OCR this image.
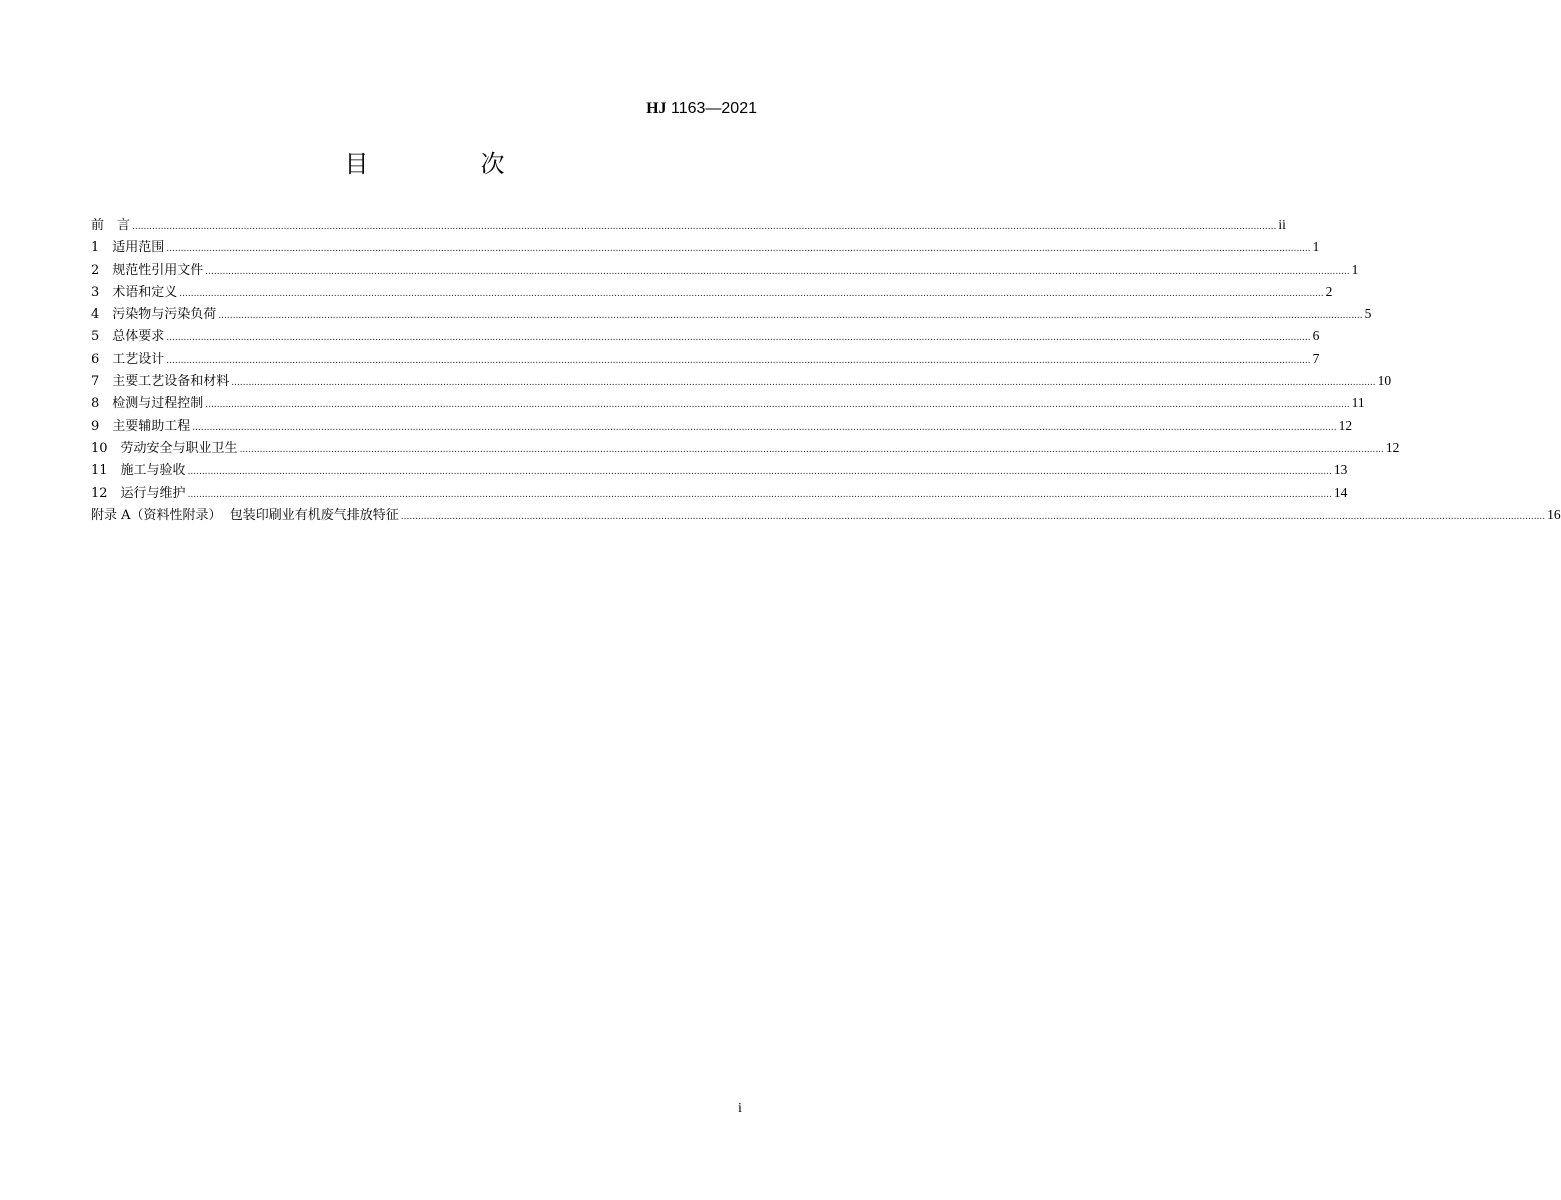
HJ 1163—2021
目　次
前　言 ................................................................................................................................................................................................................................................................................................................................................................................................................ ii
1　 适用范围 ................................................................................................................................................................................................................................................................................................................................................................................................................ 1
2　 规范性引用文件 ................................................................................................................................................................................................................................................................................................................................................................................................................ 1
3　 术语和定义 ................................................................................................................................................................................................................................................................................................................................................................................................................ 2
4　 污染物与污染负荷 ................................................................................................................................................................................................................................................................................................................................................................................................................ 5
5　 总体要求 ................................................................................................................................................................................................................................................................................................................................................................................................................ 6
6　 工艺设计 ................................................................................................................................................................................................................................................................................................................................................................................................................ 7
7　 主要工艺设备和材料 ................................................................................................................................................................................................................................................................................................................................................................................................................ 10
8　 检测与过程控制 ................................................................................................................................................................................................................................................................................................................................................................................................................ 11
9　 主要辅助工程 ................................................................................................................................................................................................................................................................................................................................................................................................................ 12
10　 劳动安全与职业卫生 ................................................................................................................................................................................................................................................................................................................................................................................................................ 12
11　 施工与验收 ................................................................................................................................................................................................................................................................................................................................................................................................................ 13
12　 运行与维护 ................................................................................................................................................................................................................................................................................................................................................................................................................ 14
附录 A（资料性附录）  包装印刷业有机废气排放特征 ................................................................................................................................................................................................................................................................................................................................................................................................................ 16
i
